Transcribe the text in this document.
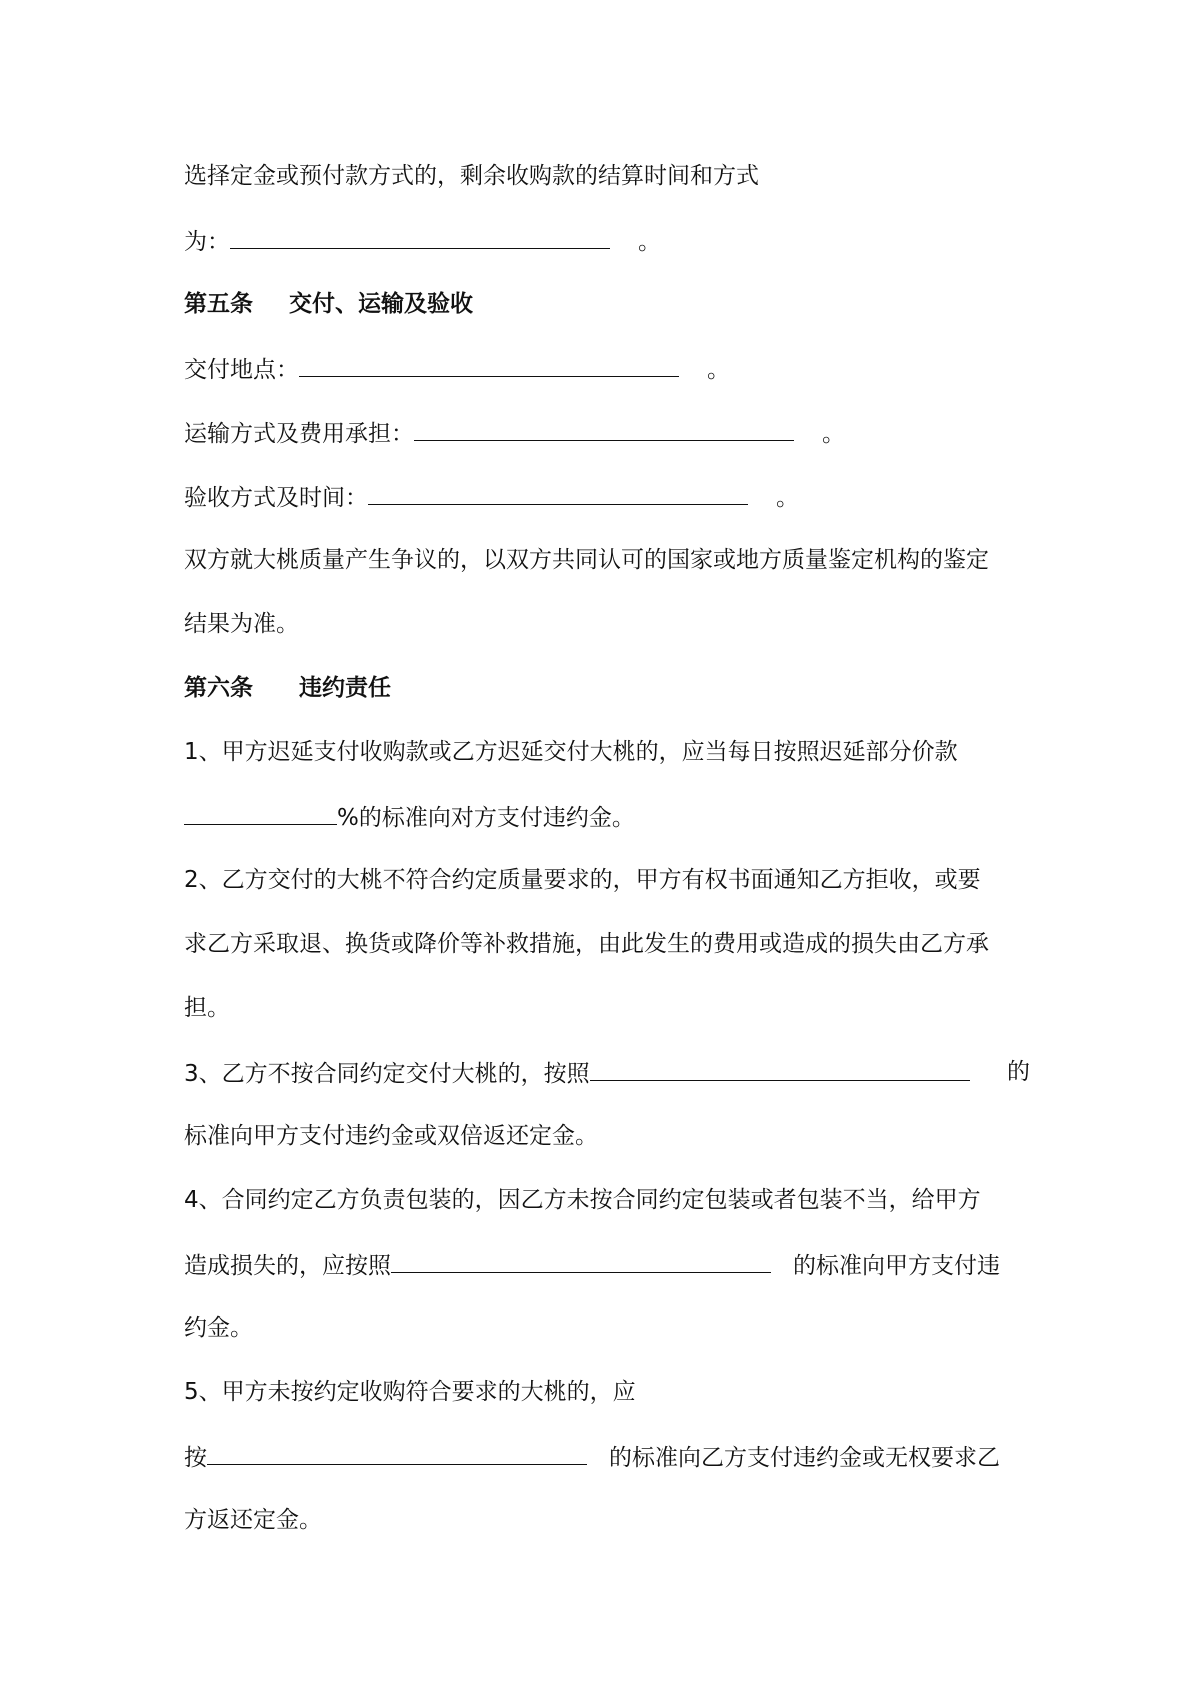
选择定金或预付款方式的，剩余收购款的结算时间和方式
为：	。
第五条 交付、运输及验收
交付地点：	。
运输方式及费用承担：	。
验收方式及时间：	。
双方就大桃质量产生争议的，以双方共同认可的国家或地方质量鉴定机构的鉴定
结果为准。
第六条 违约责任
1、甲方迟延支付收购款或乙方迟延交付大桃的，应当每日按照迟延部分价款
%的标准向对方支付违约金。
2、乙方交付的大桃不符合约定质量要求的，甲方有权书面通知乙方拒收，或要
求乙方采取退、换货或降价等补救措施，由此发生的费用或造成的损失由乙方承
担。
3、乙方不按合同约定交付大桃的，按照	的
标准向甲方支付违约金或双倍返还定金。
4、合同约定乙方负责包装的，因乙方未按合同约定包装或者包装不当，给甲方
造成损失的，应按照	的标准向甲方支付违
约金。
5、甲方未按约定收购符合要求的大桃的，应
按	的标准向乙方支付违约金或无权要求乙
方返还定金。
